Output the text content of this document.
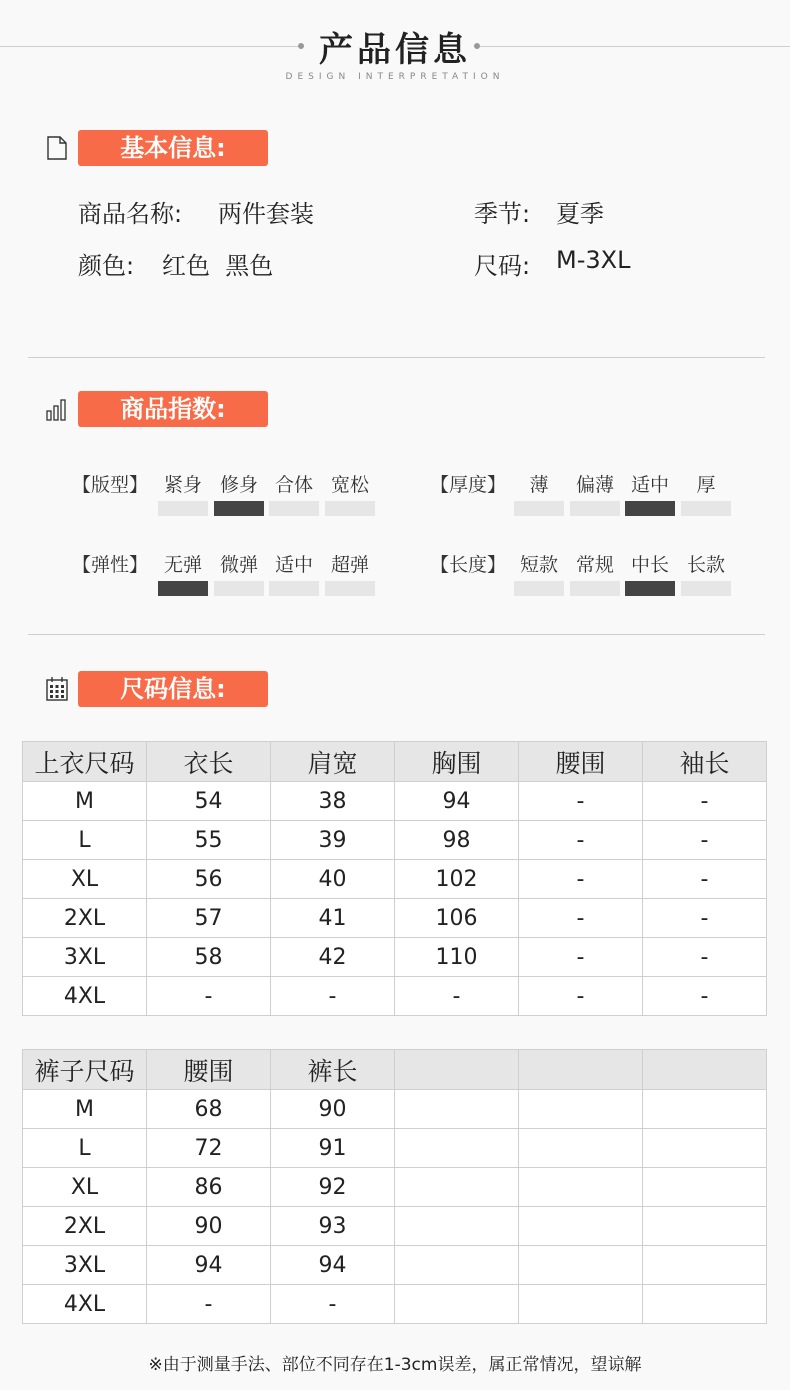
产品信息
DESIGN INTERPRETATION
基本信息:
商品名称: 两件套装	季节: 夏季
颜色: 红色  黑色	尺码: M-3XL
商品指数:
【版型】 紧身 修身 合体 宽松	【厚度】	薄	偏薄 适中	厚
【弹性】 无弹 微弹 适中 超弹	【长度】 短款 常规 中长 长款
尺码信息:
上衣尺码	衣长	肩宽	胸围	腰围	袖长
M	54	38	94	-	-
L	55	39	98	-	-
XL	56	40	102	-	-
2XL	57	41	106	-	-
3XL	58	42	110	-	-
4XL	-	-	-	-	-
裤子尺码	腰围	裤长			
M	68	90			
L	72	91			
XL	86	92			
2XL	90	93			
3XL	94	94			
4XL	-	-			
※由于测量手法、部位不同存在1-3cm误差，属正常情况，望谅解
